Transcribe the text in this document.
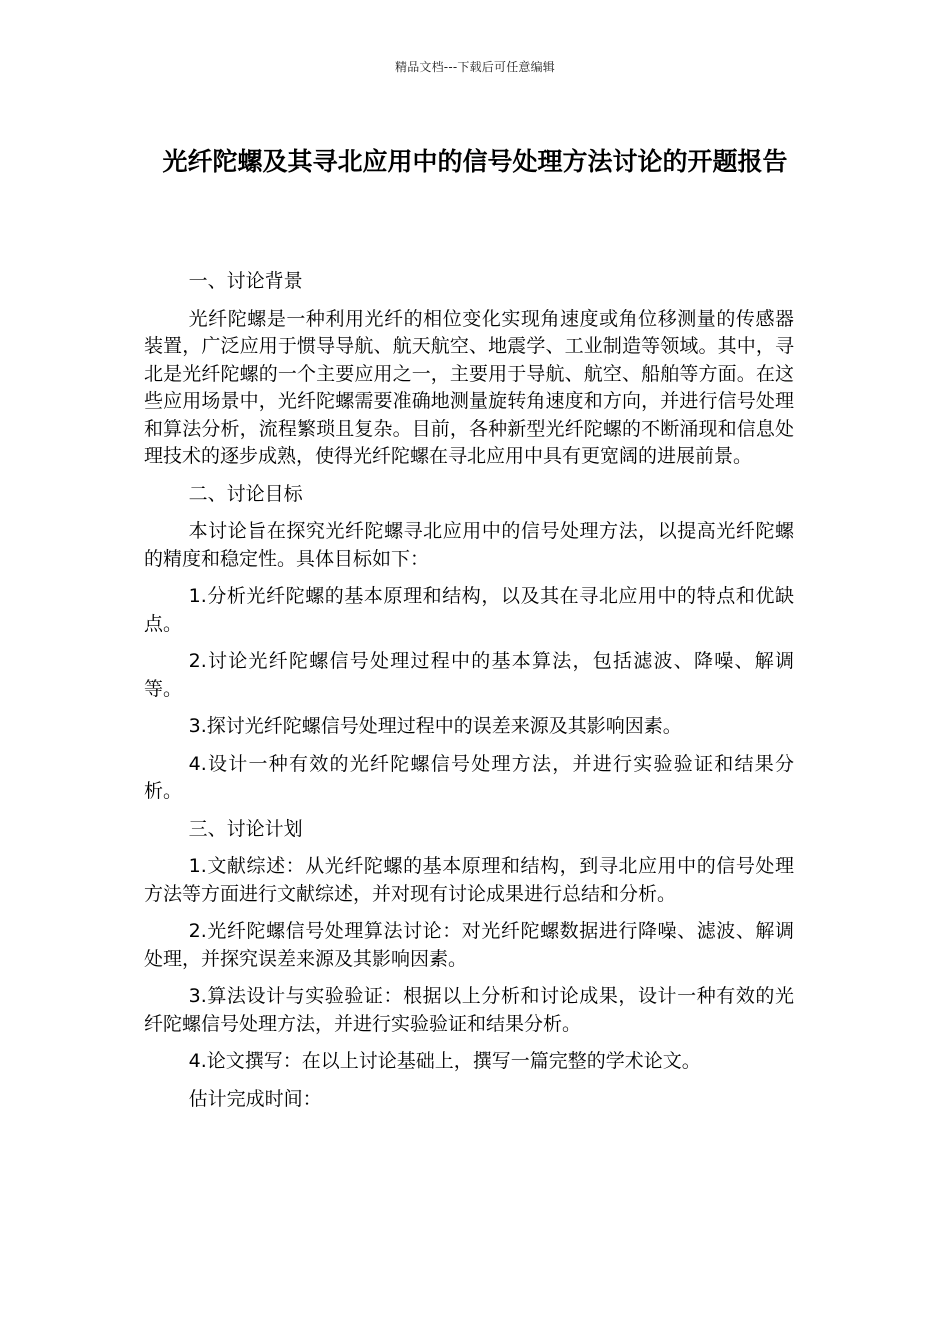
精品文档---下载后可任意编辑
光纤陀螺及其寻北应用中的信号处理方法讨论的开题报告

一、讨论背景

光纤陀螺是一种利用光纤的相位变化实现角速度或角位移测量的传感器装置，广泛应用于惯导导航、航天航空、地震学、工业制造等领域。其中，寻北是光纤陀螺的一个主要应用之一，主要用于导航、航空、船舶等方面。在这些应用场景中，光纤陀螺需要准确地测量旋转角速度和方向，并进行信号处理和算法分析，流程繁琐且复杂。目前，各种新型光纤陀螺的不断涌现和信息处理技术的逐步成熟，使得光纤陀螺在寻北应用中具有更宽阔的进展前景。

二、讨论目标

本讨论旨在探究光纤陀螺寻北应用中的信号处理方法，以提高光纤陀螺的精度和稳定性。具体目标如下：

1.分析光纤陀螺的基本原理和结构，以及其在寻北应用中的特点和优缺点。

2.讨论光纤陀螺信号处理过程中的基本算法，包括滤波、降噪、解调等。

3.探讨光纤陀螺信号处理过程中的误差来源及其影响因素。

4.设计一种有效的光纤陀螺信号处理方法，并进行实验验证和结果分析。

三、讨论计划

1.文献综述：从光纤陀螺的基本原理和结构，到寻北应用中的信号处理方法等方面进行文献综述，并对现有讨论成果进行总结和分析。

2.光纤陀螺信号处理算法讨论：对光纤陀螺数据进行降噪、滤波、解调处理，并探究误差来源及其影响因素。

3.算法设计与实验验证：根据以上分析和讨论成果，设计一种有效的光纤陀螺信号处理方法，并进行实验验证和结果分析。

4.论文撰写：在以上讨论基础上，撰写一篇完整的学术论文。

估计完成时间：
